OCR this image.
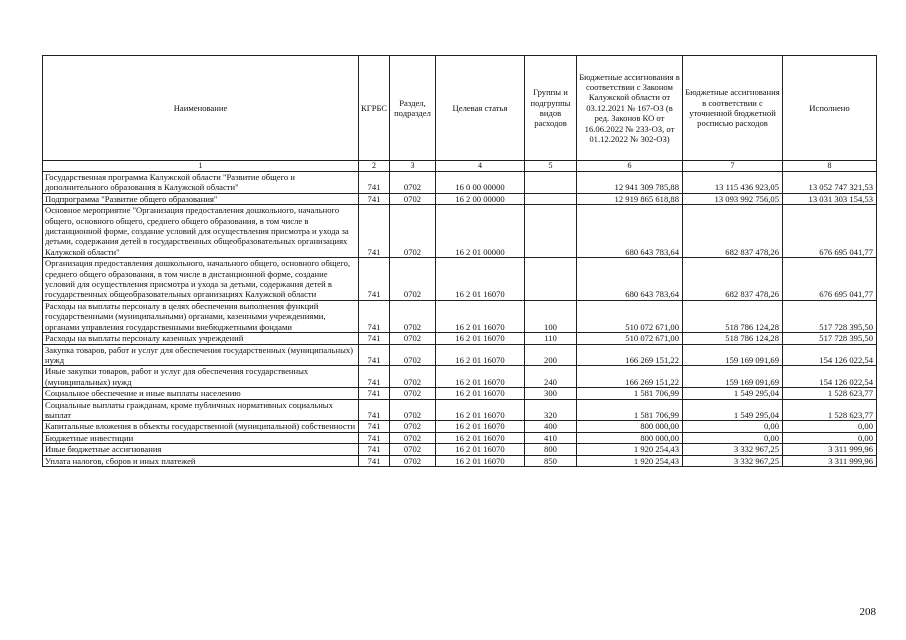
Наименование	КГРБС	Раздел, подраздел	Целевая статья	Группы и подгруппы видов расходов	Бюджетные ассигнования в соответствии с Законом Калужской области от 03.12.2021 № 167-ОЗ (в ред. Законов КО от 16.06.2022 № 233-ОЗ, от 01.12.2022 № 302-ОЗ)	Бюджетные ассигнования в соответствии с уточненной бюджетной росписью расходов	Исполнено
1	2	3	4	5	6	7	8
Государственная программа Калужской области "Развитие общего и дополнительного образования в Калужской области"	741	0702	16 0 00 00000		12 941 309 785,88	13 115 436 923,05	13 052 747 321,53
Подпрограмма "Развитие общего образования"	741	0702	16 2 00 00000		12 919 865 618,88	13 093 992 756,05	13 031 303 154,53
Основное мероприятие "Организация предоставления дошкольного, начального общего, основного общего, среднего общего образования, в том числе в дистанционной форме, создание условий для осуществления присмотра и ухода за детьми, содержания детей в государственных общеобразовательных организациях Калужской области"	741	0702	16 2 01 00000		680 643 783,64	682 837 478,26	676 695 041,77
Организация предоставления дошкольного, начального общего, основного общего, среднего общего образования, в том числе в дистанционной форме, создание условий для осуществления присмотра и ухода за детьми, содержания детей в государственных общеобразовательных организациях Калужской области	741	0702	16 2 01 16070		680 643 783,64	682 837 478,26	676 695 041,77
Расходы на выплаты персоналу в целях обеспечения выполнения функций государственными (муниципальными) органами, казенными учреждениями, органами управления государственными внебюджетными фондами	741	0702	16 2 01 16070	100	510 072 671,00	518 786 124,28	517 728 395,50
Расходы на выплаты персоналу казенных учреждений	741	0702	16 2 01 16070	110	510 072 671,00	518 786 124,28	517 728 395,50
Закупка товаров, работ и услуг для обеспечения государственных (муниципальных) нужд	741	0702	16 2 01 16070	200	166 269 151,22	159 169 091,69	154 126 022,54
Иные закупки товаров, работ и услуг для обеспечения государственных (муниципальных) нужд	741	0702	16 2 01 16070	240	166 269 151,22	159 169 091,69	154 126 022,54
Социальное обеспечение и иные выплаты населению	741	0702	16 2 01 16070	300	1 581 706,99	1 549 295,04	1 528 623,77
Социальные выплаты гражданам, кроме публичных нормативных социальных выплат	741	0702	16 2 01 16070	320	1 581 706,99	1 549 295,04	1 528 623,77
Капитальные вложения в объекты государственной (муниципальной) собственности	741	0702	16 2 01 16070	400	800 000,00	0,00	0,00
Бюджетные инвестиции	741	0702	16 2 01 16070	410	800 000,00	0,00	0,00
Иные бюджетные ассигнования	741	0702	16 2 01 16070	800	1 920 254,43	3 332 967,25	3 311 999,96
Уплата налогов, сборов и иных платежей	741	0702	16 2 01 16070	850	1 920 254,43	3 332 967,25	3 311 999,96
208
